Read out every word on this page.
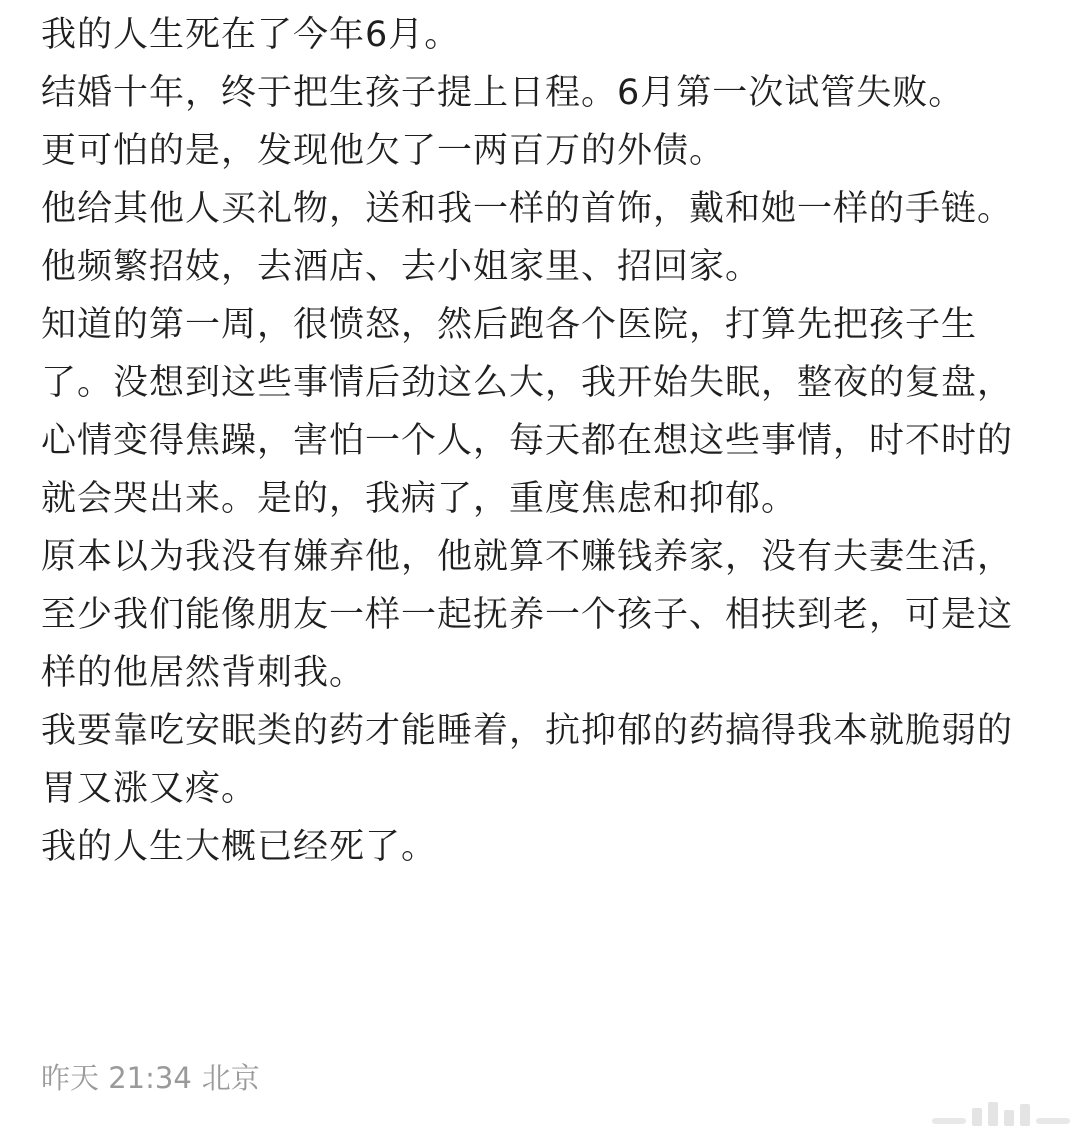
我的人生死在了今年6月。

结婚十年，终于把生孩子提上日程。6月第一次试管失败。

更可怕的是，发现他欠了一两百万的外债。

他给其他人买礼物，送和我一样的首饰，戴和她一样的手链。

他频繁招妓，去酒店、去小姐家里、招回家。

知道的第一周，很愤怒，然后跑各个医院，打算先把孩子生了。没想到这些事情后劲这么大，我开始失眠，整夜的复盘，心情变得焦躁，害怕一个人，每天都在想这些事情，时不时的就会哭出来。是的，我病了，重度焦虑和抑郁。

原本以为我没有嫌弃他，他就算不赚钱养家，没有夫妻生活，至少我们能像朋友一样一起抚养一个孩子、相扶到老，可是这样的他居然背刺我。

我要靠吃安眠类的药才能睡着，抗抑郁的药搞得我本就脆弱的胃又涨又疼。

我的人生大概已经死了。

昨天 21:34 北京
